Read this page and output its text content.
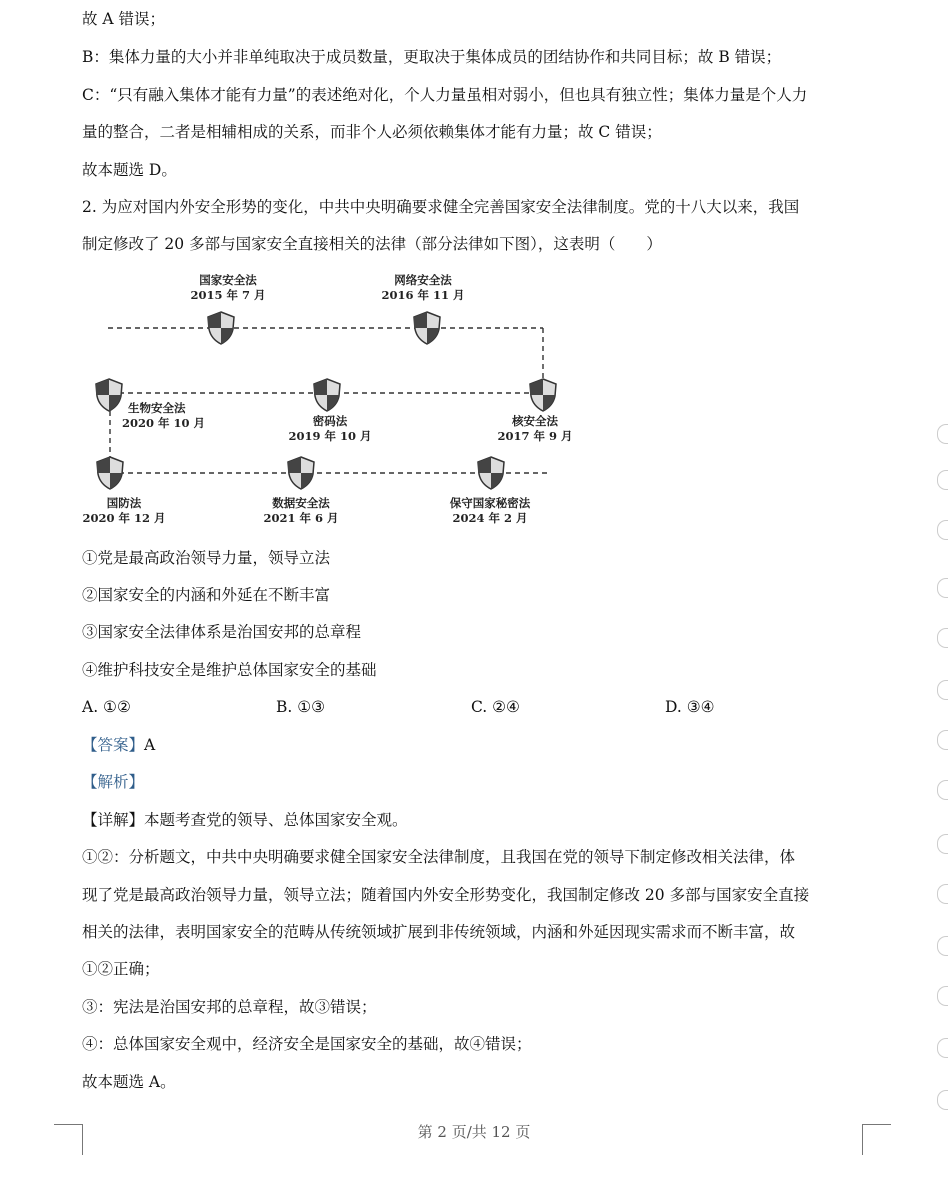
故 A 错误；

B：集体力量的大小并非单纯取决于成员数量，更取决于集体成员的团结协作和共同目标；故 B 错误；

C：“只有融入集体才能有力量”的表述绝对化，个人力量虽相对弱小，但也具有独立性；集体力量是个人力

量的整合，二者是相辅相成的关系，而非个人必须依赖集体才能有力量；故 C 错误；

故本题选 D。

2. 为应对国内外安全形势的变化，中共中央明确要求健全完善国家安全法律制度。党的十八大以来，我国

制定修改了 20 多部与国家安全直接相关的法律（部分法律如下图），这表明（　　）

国家安全法
2015 年 7 月
网络安全法
2016 年 11 月
生物安全法
2020 年 10 月	密码法
2019 年 10 月
核安全法
2017 年 9 月
国防法
2020 年 12 月
数据安全法
2021 年 6 月
保守国家秘密法
2024 年 2 月

①党是最高政治领导力量，领导立法

②国家安全的内涵和外延在不断丰富

③国家安全法律体系是治国安邦的总章程

④维护科技安全是维护总体国家安全的基础

A. ①②	B. ①③	C. ②④	D. ③④

【答案】A

【解析】

【详解】本题考查党的领导、总体国家安全观。

①②：分析题文，中共中央明确要求健全国家安全法律制度，且我国在党的领导下制定修改相关法律，体

现了党是最高政治领导力量，领导立法；随着国内外安全形势变化，我国制定修改 20 多部与国家安全直接

相关的法律，表明国家安全的范畴从传统领域扩展到非传统领域，内涵和外延因现实需求而不断丰富，故

①②正确；

③：宪法是治国安邦的总章程，故③错误；

④：总体国家安全观中，经济安全是国家安全的基础，故④错误；

故本题选 A。

第 2 页/共 12 页
